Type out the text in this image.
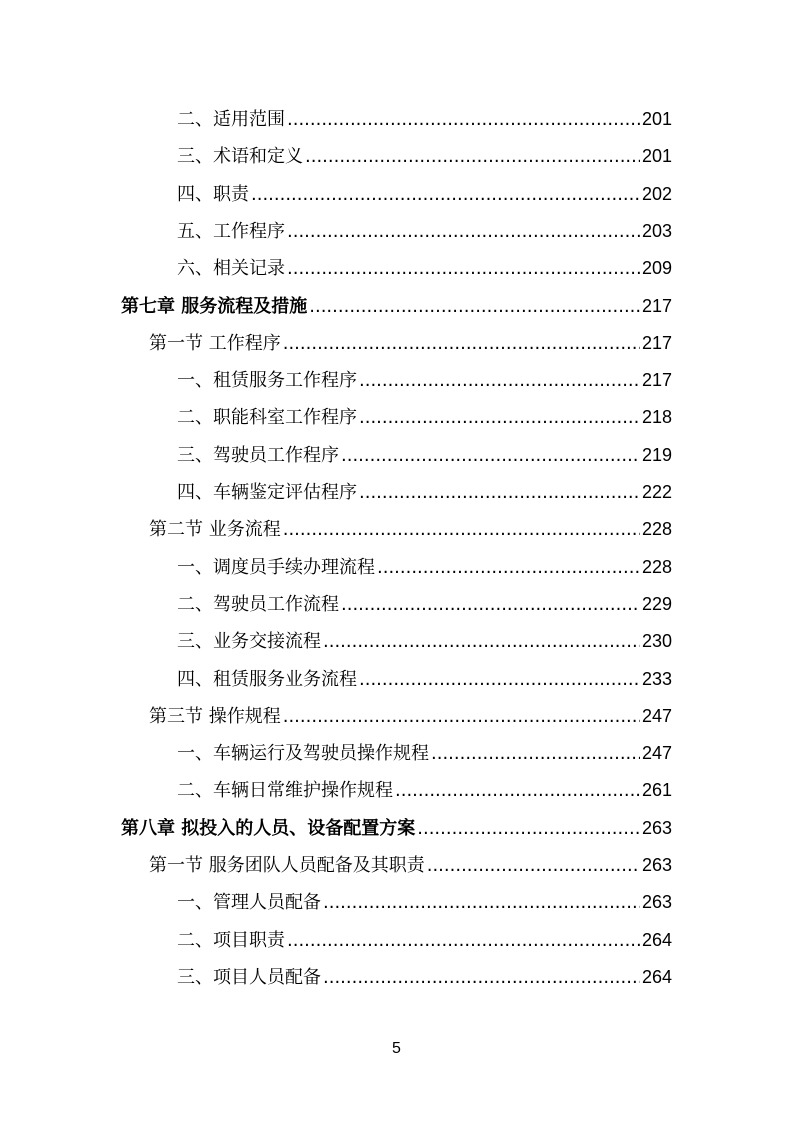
二、适用范围 .....	201
三、术语和定义 .....	201
四、职责 .....	202
五、工作程序 .....	203
六、相关记录 .....	209
第七章 服务流程及措施 .....	217
第一节 工作程序 .....	217
一、租赁服务工作程序 .....	217
二、职能科室工作程序 .....	218
三、驾驶员工作程序 .....	219
四、车辆鉴定评估程序 .....	222
第二节 业务流程 .....	228
一、调度员手续办理流程 .....	228
二、驾驶员工作流程 .....	229
三、业务交接流程 .....	230
四、租赁服务业务流程 .....	233
第三节 操作规程 .....	247
一、车辆运行及驾驶员操作规程 .....	247
二、车辆日常维护操作规程 .....	261
第八章 拟投入的人员、设备配置方案 .....	263
第一节 服务团队人员配备及其职责 .....	263
一、管理人员配备 .....	263
二、项目职责 .....	264
三、项目人员配备 .....	264
5
